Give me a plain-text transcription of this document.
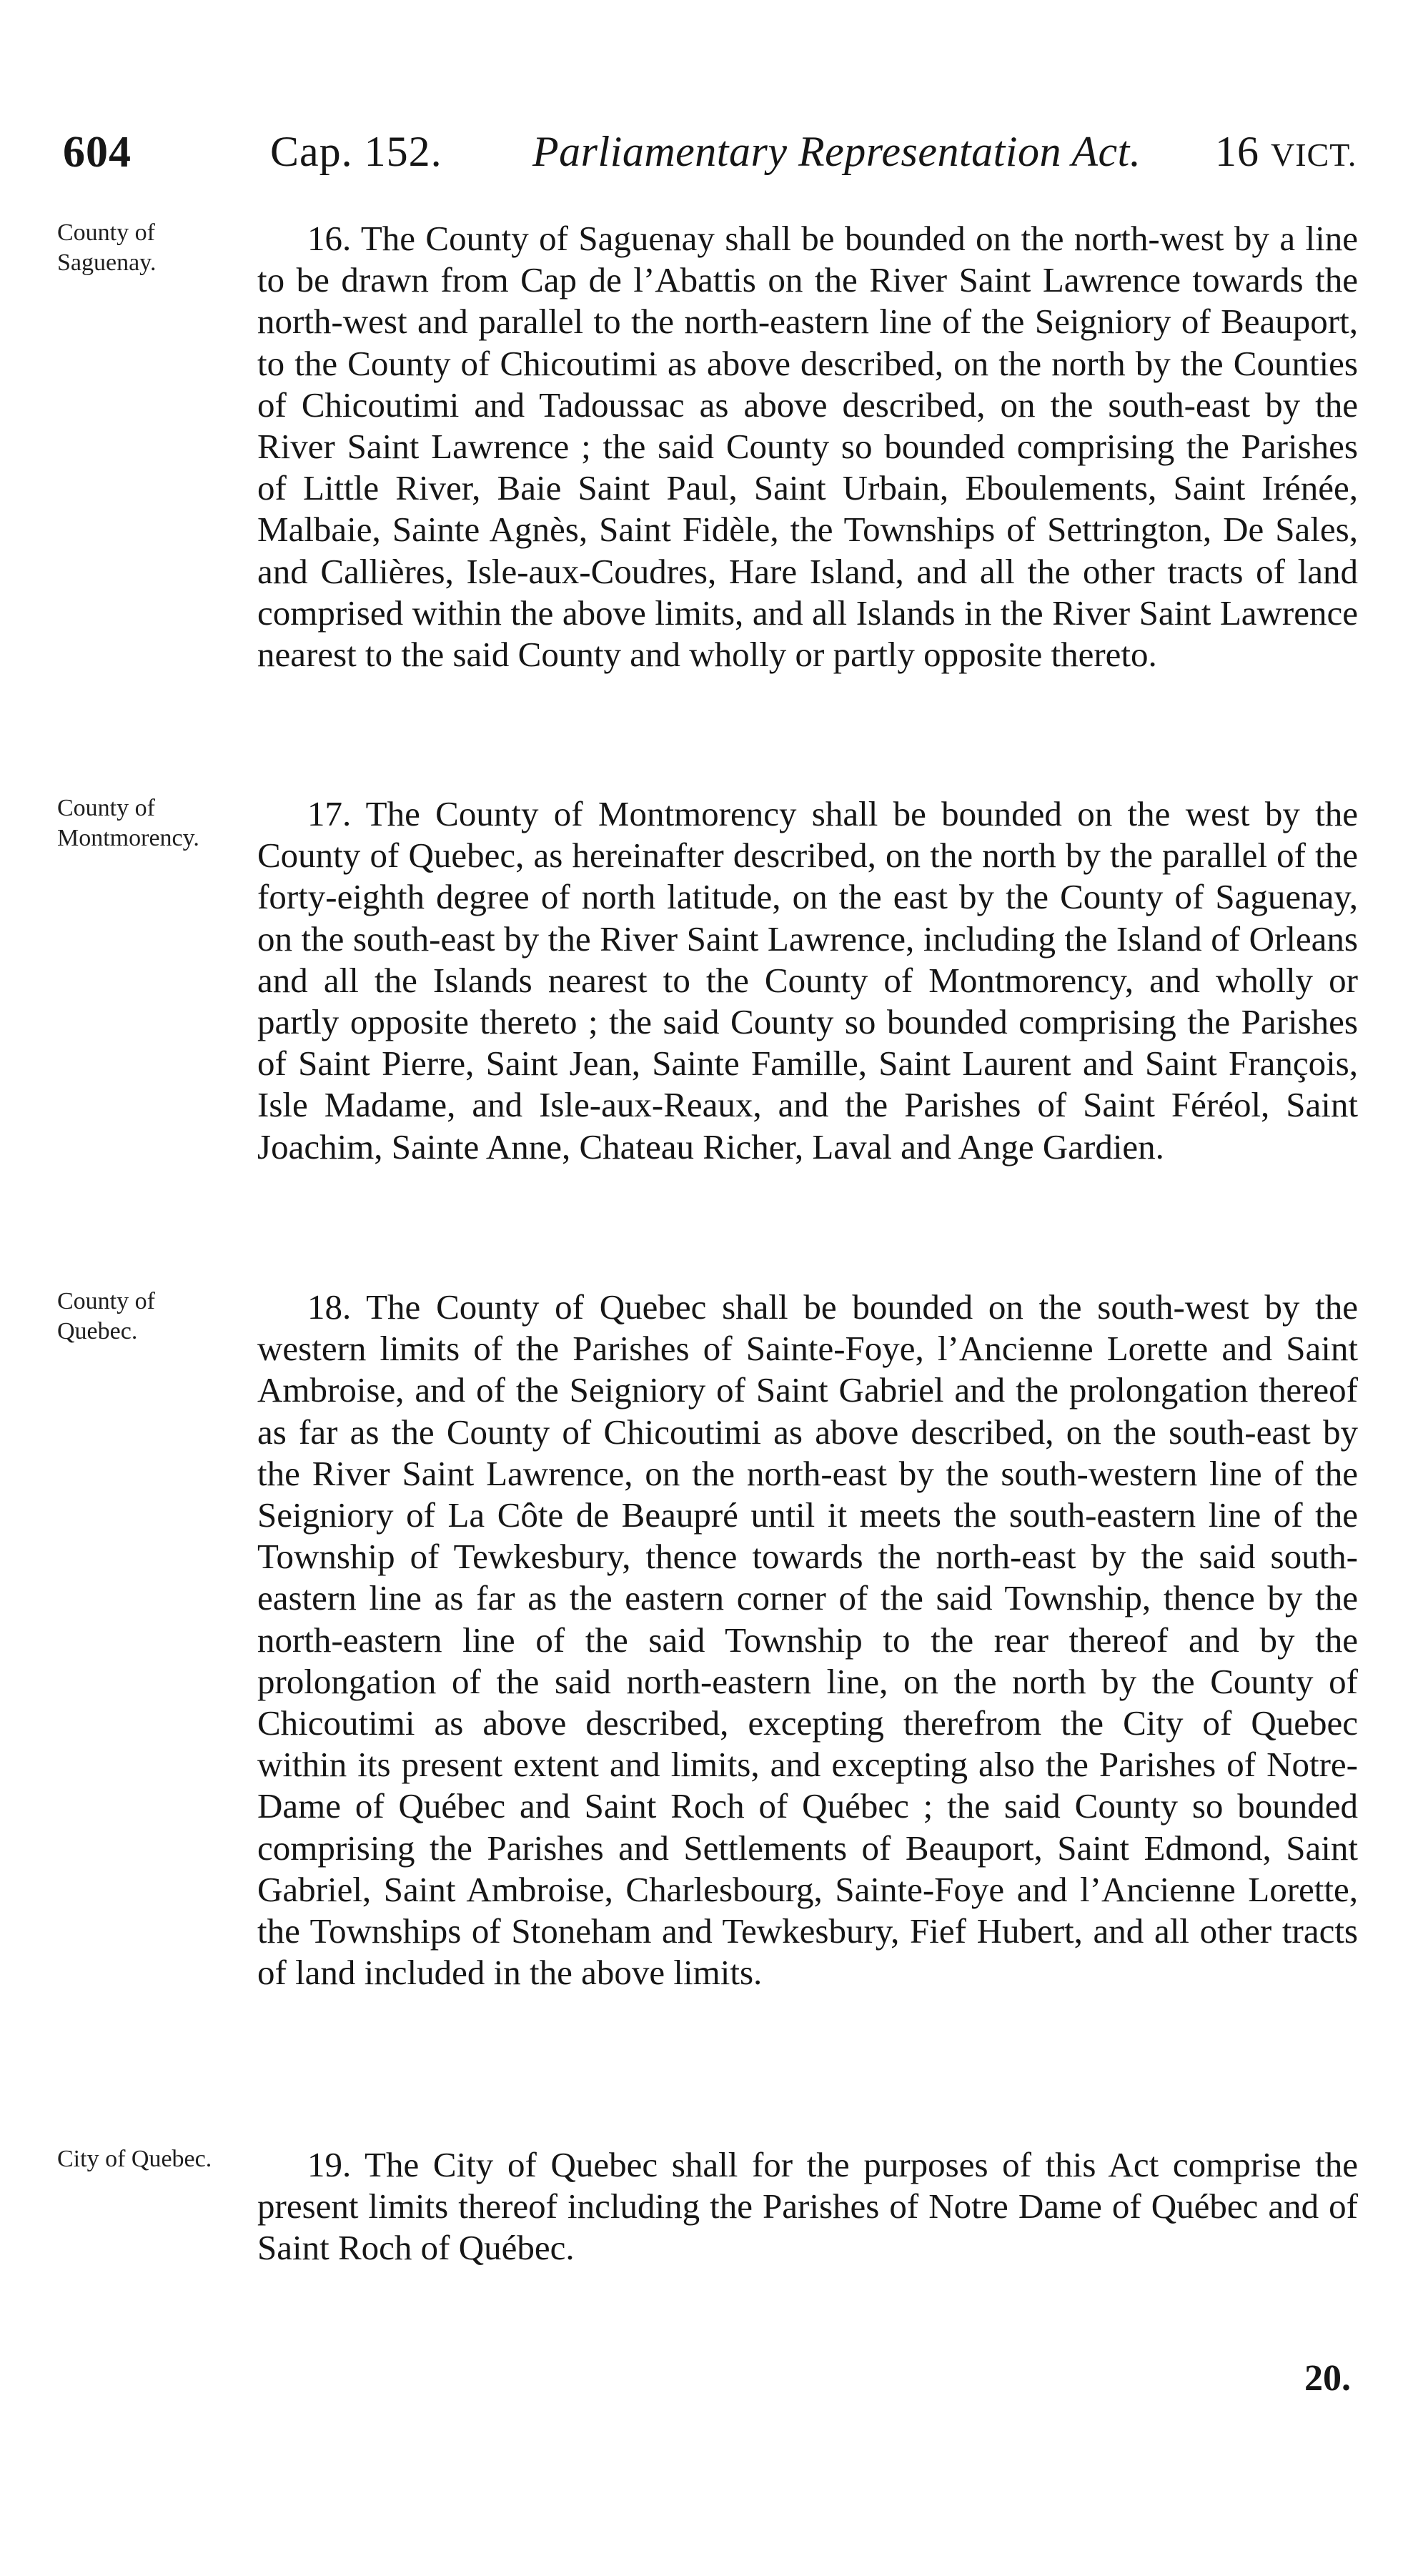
604	Cap. 152. Parliamentary Representation Act. 16 VICT.
County of Saguenay.

16. The County of Saguenay shall be bounded on the north-west by a line to be drawn from Cap de l’Abattis on the River Saint Lawrence towards the north-west and parallel to the north-eastern line of the Seigniory of Beauport, to the County of Chicoutimi as above described, on the north by the Counties of Chicoutimi and Tadoussac as above described, on the south-east by the River Saint Lawrence ; the said County so bounded comprising the Parishes of Little River, Baie Saint Paul, Saint Urbain, Eboulements, Saint Irénée, Malbaie, Sainte Agnès, Saint Fidèle, the Townships of Settrington, De Sales, and Callières, Isle-aux-Coudres, Hare Island, and all the other tracts of land comprised within the above limits, and all Islands in the River Saint Lawrence nearest to the said County and wholly or partly opposite thereto.

County of Montmorency.

17. The County of Montmorency shall be bounded on the west by the County of Quebec, as hereinafter described, on the north by the parallel of the forty-eighth degree of north latitude, on the east by the County of Saguenay, on the south-east by the River Saint Lawrence, including the Island of Orleans and all the Islands nearest to the County of Montmorency, and wholly or partly opposite thereto ; the said County so bounded comprising the Parishes of Saint Pierre, Saint Jean, Sainte Famille, Saint Laurent and Saint François, Isle Madame, and Isle-aux-Reaux, and the Parishes of Saint Féréol, Saint Joachim, Sainte Anne, Chateau Richer, Laval and Ange Gardien.

County of Quebec.

18. The County of Quebec shall be bounded on the south-west by the western limits of the Parishes of Sainte-Foye, l’Ancienne Lorette and Saint Ambroise, and of the Seigniory of Saint Gabriel and the prolongation thereof as far as the County of Chicoutimi as above described, on the south-east by the River Saint Lawrence, on the north-east by the south-western line of the Seigniory of La Côte de Beaupré until it meets the south-eastern line of the Township of Tewkesbury, thence towards the north-east by the said south-eastern line as far as the eastern corner of the said Township, thence by the north-eastern line of the said Township to the rear thereof and by the prolongation of the said north-eastern line, on the north by the County of Chicoutimi as above described, excepting therefrom the City of Quebec within its present extent and limits, and excepting also the Parishes of Notre-Dame of Québec and Saint Roch of Québec ; the said County so bounded comprising the Parishes and Settlements of Beauport, Saint Edmond, Saint Gabriel, Saint Ambroise, Charlesbourg, Sainte-Foye and l’Ancienne Lorette, the Townships of Stoneham and Tewkesbury, Fief Hubert, and all other tracts of land included in the above limits.

City of Quebec.	19. The City of Quebec shall for the purposes of this Act comprise the present limits thereof including the Parishes of Notre Dame of Québec and of Saint Roch of Québec.

20.
